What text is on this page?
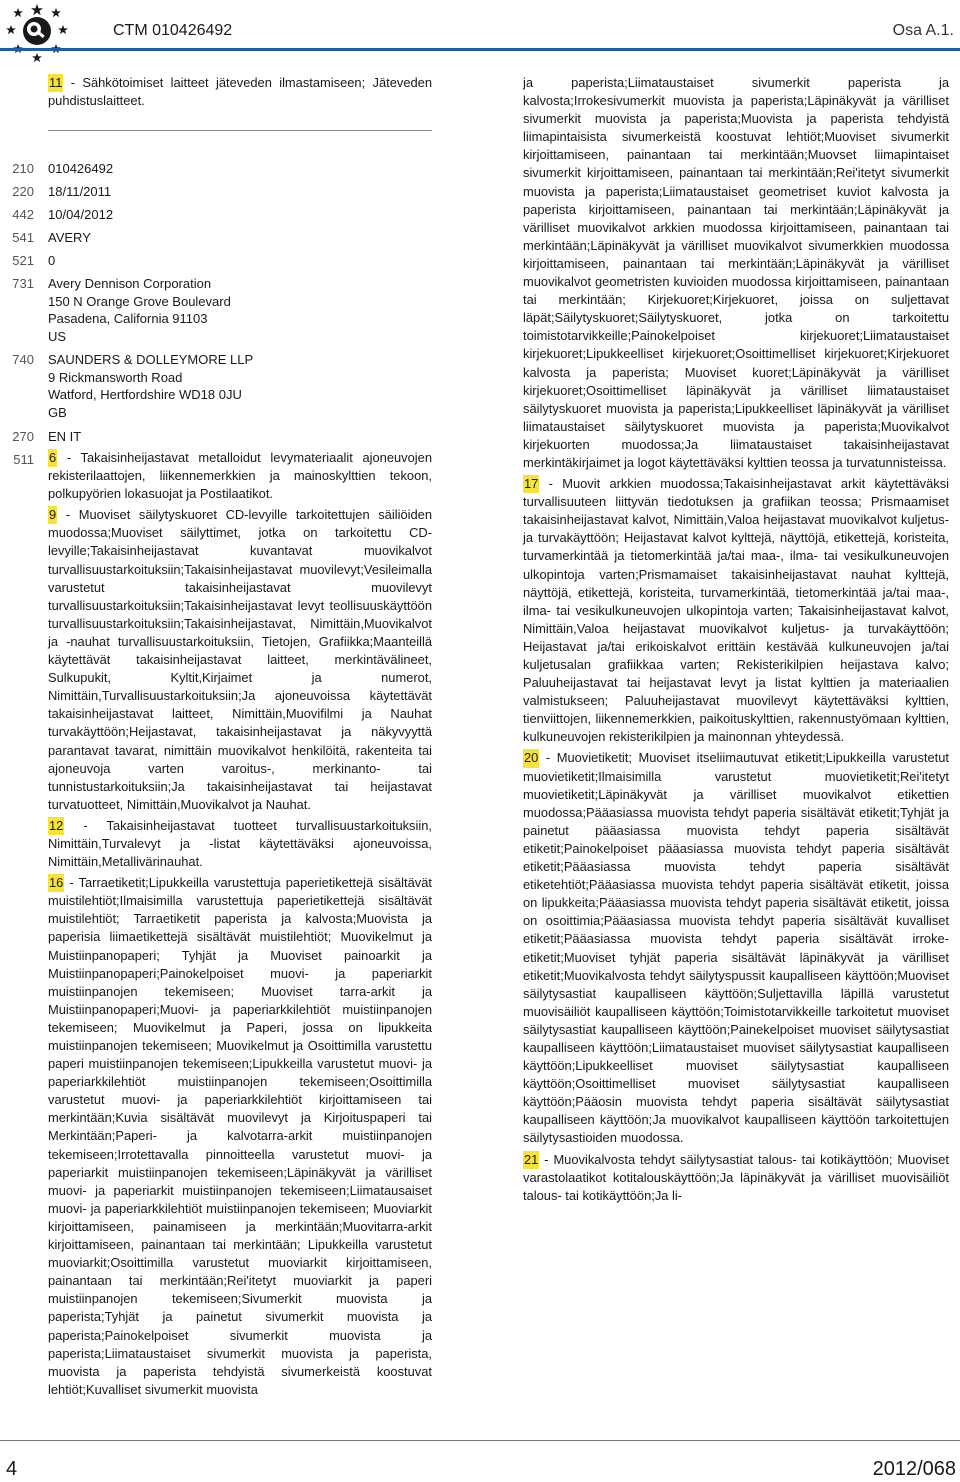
CTM 010426492	Osa A.1.

11 - Sähkötoimiset laitteet jäteveden ilmastamiseen; Jäteveden puhdistuslaitteet.

210 010426492
220 18/11/2011
442 10/04/2012
541 AVERY
521 0
731 Avery Dennison Corporation
150 N Orange Grove Boulevard
Pasadena, California 91103
US
740 SAUNDERS & DOLLEYMORE LLP
9 Rickmansworth Road
Watford, Hertfordshire WD18 0JU
GB
270 EN IT
511 6 - Takaisinheijastavat metalloidut levymateriaalit ajoneuvojen rekisterilaattojen, liikennemerkkien ja mainoskylttien tekoon, polkupyörien lokasuojat ja Postilaatikot.

9 - Muoviset säilytyskuoret CD-levyille tarkoitettujen säiliöiden muodossa;Muoviset säilyttimet, jotka on tarkoitettu CD-levyille;Takaisinheijastavat kuvantavat muovikalvot turvallisuustarkoituksiin;Takaisinheijastavat muovilevyt;Vesileimalla varustetut takaisinheijastavat muovilevyt turvallisuustarkoituksiin;Takaisinheijastavat levyt teollisuuskäyttöön turvallisuustarkoituksiin;Takaisinheijastavat, Nimittäin,Muovikalvot ja -nauhat turvallisuustarkoituksiin, Tietojen, Grafiikka;Maanteillä käytettävät takaisinheijastavat laitteet, merkintävälineet, Sulkupukit, Kyltit,Kirjaimet ja numerot, Nimittäin,Turvallisuustarkoituksiin;Ja ajoneuvoissa käytettävät takaisinheijastavat laitteet, Nimittäin,Muovifilmi ja Nauhat turvakäyttöön;Heijastavat, takaisinheijastavat ja näkyvyyttä parantavat tavarat, nimittäin muovikalvot henkilöitä, rakenteita tai ajoneuvoja varten varoitus-, merkinanto- tai tunnistustarkoituksiin;Ja takaisinheijastavat tai heijastavat turvatuotteet, Nimittäin,Muovikalvot ja Nauhat.

12 - Takaisinheijastavat tuotteet turvallisuustarkoituksiin, Nimittäin,Turvalevyt ja -listat käytettäväksi ajoneuvoissa, Nimittäin,Metallivärinauhat.

16 - Tarraetiketit;Lipukkeilla varustettuja paperietikettejä sisältävät muistilehtiöt;Ilmaisimilla varustettuja paperietikettejä sisältävät muistilehtiöt; Tarraetiketit paperista ja kalvosta;Muovista ja paperisia liimaetikettejä sisältävät muistilehtiöt; Muovikelmut ja Muistiinpanopaperi; Tyhjät ja Muoviset painoarkit ja Muistiinpanopaperi;Painokelpoiset muovi- ja paperiarkit muistiinpanojen tekemiseen; Muoviset tarra-arkit ja Muistiinpanopaperi;Muovi- ja paperiarkkilehtiöt muistiinpanojen tekemiseen; Muovikelmut ja Paperi, jossa on lipukkeita muistiinpanojen tekemiseen; Muovikelmut ja Osoittimilla varustettu paperi muistiinpanojen tekemiseen;Lipukkeilla varustetut muovi- ja paperiarkkilehtiöt muistiinpanojen tekemiseen;Osoittimilla varustetut muovi- ja paperiarkkilehtiöt kirjoittamiseen tai merkintään;Kuvia sisältävät muovilevyt ja Kirjoituspaperi tai Merkintään;Paperi- ja kalvotarra-arkit muistiinpanojen tekemiseen;Irrotettavalla pinnoitteella varustetut muovi- ja paperiarkit muistiinpanojen tekemiseen;Läpinäkyvät ja värilliset muovi- ja paperiarkit muistiinpanojen tekemiseen;Liimatausaiset muovi- ja paperiarkkilehtiöt muistiinpanojen tekemiseen; Muoviarkit kirjoittamiseen, painamiseen ja merkintään;Muovitarra-arkit kirjoittamiseen, painantaan tai merkintään; Lipukkeilla varustetut muoviarkit;Osoittimilla varustetut muoviarkit kirjoittamiseen, painantaan tai merkintään;Rei'itetyt muoviarkit ja paperi muistiinpanojen tekemiseen;Sivumerkit muovista ja paperista;Tyhjät ja painetut sivumerkit muovista ja paperista;Painokelpoiset sivumerkit muovista ja paperista;Liimataustaiset sivumerkit muovista ja paperista, muovista ja paperista tehdyistä sivumerkeistä koostuvat lehtiöt;Kuvalliset sivumerkit muovista

ja paperista;Liimataustaiset sivumerkit paperista ja kalvosta;Irrokesivumerkit muovista ja paperista;Läpinäkyvät ja värilliset sivumerkit muovista ja paperista;Muovista ja paperista tehdyistä liimapintaisista sivumerkeistä koostuvat lehtiöt;Muoviset sivumerkit kirjoittamiseen, painantaan tai merkintään;Muovset liimapintaiset sivumerkit kirjoittamiseen, painantaan tai merkintään;Rei'itetyt sivumerkit muovista ja paperista;Liimataustaiset geometriset kuviot kalvosta ja paperista kirjoittamiseen, painantaan tai merkintään;Läpinäkyvät ja värilliset muovikalvot arkkien muodossa kirjoittamiseen, painantaan tai merkintään;Läpinäkyvät ja värilliset muovikalvot sivumerkkien muodossa kirjoittamiseen, painantaan tai merkintään;Läpinäkyvät ja värilliset muovikalvot geometristen kuvioiden muodossa kirjoittamiseen, painantaan tai merkintään; Kirjekuoret;Kirjekuoret, joissa on suljettavat läpät;Säilytyskuoret;Säilytyskuoret, jotka on tarkoitettu toimistotarvikkeille;Painokelpoiset kirjekuoret;Liimataustaiset kirjekuoret;Lipukkeelliset kirjekuoret;Osoittimelliset kirjekuoret;Kirjekuoret kalvosta ja paperista; Muoviset kuoret;Läpinäkyvät ja värilliset kirjekuoret;Osoittimelliset läpinäkyvät ja värilliset liimataustaiset säilytyskuoret muovista ja paperista;Lipukkeelliset läpinäkyvät ja värilliset liimataustaiset säilytyskuoret muovista ja paperista;Muovikalvot kirjekuorten muodossa;Ja liimataustaiset takaisinheijastavat merkintäkirjaimet ja logot käytettäväksi kylttien teossa ja turvatunnisteissa.

17 - Muovit arkkien muodossa;Takaisinheijastavat arkit käytettäväksi turvallisuuteen liittyvän tiedotuksen ja grafiikan teossa; Prismaamiset takaisinheijastavat kalvot, Nimittäin,Valoa heijastavat muovikalvot kuljetus- ja turvakäyttöön; Heijastavat kalvot kylttejä, näyttöjä, etikettejä, koristeita, turvamerkintää ja tietomerkintää ja/tai maa-, ilma- tai vesikulkuneuvojen ulkopintoja varten;Prismamaiset takaisinheijastavat nauhat kylttejä, näyttöjä, etikettejä, koristeita, turvamerkintää, tietomerkintää ja/tai maa-, ilma- tai vesikulkuneuvojen ulkopintoja varten; Takaisinheijastavat kalvot, Nimittäin,Valoa heijastavat muovikalvot kuljetus- ja turvakäyttöön; Heijastavat ja/tai erikoiskalvot erittäin kestävää kulkuneuvojen ja/tai kuljetusalan grafiikkaa varten; Rekisterikilpien heijastava kalvo; Paluuheijastavat tai heijastavat levyt ja listat kylttien ja materiaalien valmistukseen; Paluuheijastavat muovilevyt käytettäväksi kylttien, tienviittojen, liikennemerkkien, paikoituskylttien, rakennustyömaan kylttien, kulkuneuvojen rekisterikilpien ja mainonnan yhteydessä.

20 - Muovietiketit; Muoviset itseliimautuvat etiketit;Lipukkeilla varustetut muovietiketit;Ilmaisimilla varustetut muovietiketit;Rei'itetyt muovietiketit;Läpinäkyvät ja värilliset muovikalvot etikettien muodossa;Pääasiassa muovista tehdyt paperia sisältävät etiketit;Tyhjät ja painetut pääasiassa muovista tehdyt paperia sisältävät etiketit;Painokelpoiset pääasiassa muovista tehdyt paperia sisältävät etiketit;Pääasiassa muovista tehdyt paperia sisältävät etiketehtiöt;Pääasiassa muovista tehdyt paperia sisältävät etiketit, joissa on lipukkeita;Pääasiassa muovista tehdyt paperia sisältävät etiketit, joissa on osoittimia;Pääasiassa muovista tehdyt paperia sisältävät kuvalliset etiketit;Pääasiassa muovista tehdyt paperia sisältävät irroke-etiketit;Muoviset tyhjät paperia sisältävät läpinäkyvät ja värilliset etiketit;Muovikalvosta tehdyt säilytyspussit kaupalliseen käyttöön;Muoviset säilytysastiat kaupalliseen käyttöön;Suljettavilla läpillä varustetut muovisäiliöt kaupalliseen käyttöön;Toimistotarvikkeille tarkoitetut muoviset säilytysastiat kaupalliseen käyttöön;Painekelpoiset muoviset säilytysastiat kaupalliseen käyttöön;Liimataustaiset muoviset säilytysastiat kaupalliseen käyttöön;Lipukkeelliset muoviset säilytysastiat kaupalliseen käyttöön;Osoittimelliset muoviset säilytysastiat kaupalliseen käyttöön;Pääosin muovista tehdyt paperia sisältävät säilytysastiat kaupalliseen käyttöön;Ja muovikalvot kaupalliseen käyttöön tarkoitettujen säilytysastioiden muodossa.

21 - Muovikalvosta tehdyt säilytysastiat talous- tai kotikäyttöön; Muoviset varastolaatikot kotitalouskäyttöön;Ja läpinäkyvät ja värilliset muovisäiliöt talous- tai kotikäyttöön;Ja li-

4	2012/068
